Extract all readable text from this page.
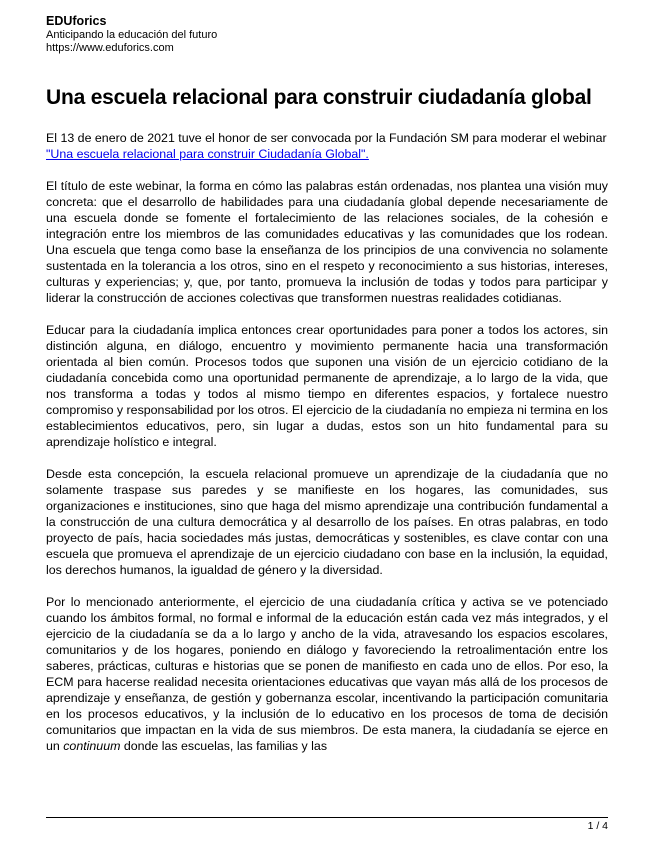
EDUforics
Anticipando la educación del futuro
https://www.eduforics.com
Una escuela relacional para construir ciudadanía global

El 13 de enero de 2021 tuve el honor de ser convocada por la Fundación SM para moderar el webinar "Una escuela relacional para construir Ciudadanía Global".

El título de este webinar, la forma en cómo las palabras están ordenadas, nos plantea una visión muy concreta: que el desarrollo de habilidades para una ciudadanía global depende necesariamente de una escuela donde se fomente el fortalecimiento de las relaciones sociales, de la cohesión e integración entre los miembros de las comunidades educativas y las comunidades que los rodean. Una escuela que tenga como base la enseñanza de los principios de una convivencia no solamente sustentada en la tolerancia a los otros, sino en el respeto y reconocimiento a sus historias, intereses, culturas y experiencias; y, que, por tanto, promueva la inclusión de todas y todos para participar y liderar la construcción de acciones colectivas que transformen nuestras realidades cotidianas.

Educar para la ciudadanía implica entonces crear oportunidades para poner a todos los actores, sin distinción alguna, en diálogo, encuentro y movimiento permanente hacia una transformación orientada al bien común. Procesos todos que suponen una visión de un ejercicio cotidiano de la ciudadanía concebida como una oportunidad permanente de aprendizaje, a lo largo de la vida, que nos transforma a todas y todos al mismo tiempo en diferentes espacios, y fortalece nuestro compromiso y responsabilidad por los otros. El ejercicio de la ciudadanía no empieza ni termina en los establecimientos educativos, pero, sin lugar a dudas, estos son un hito fundamental para su aprendizaje holístico e integral.

Desde esta concepción, la escuela relacional promueve un aprendizaje de la ciudadanía que no solamente traspase sus paredes y se manifieste en los hogares, las comunidades, sus organizaciones e instituciones, sino que haga del mismo aprendizaje una contribución fundamental a la construcción de una cultura democrática y al desarrollo de los países. En otras palabras, en todo proyecto de país, hacia sociedades más justas, democráticas y sostenibles, es clave contar con una escuela que promueva el aprendizaje de un ejercicio ciudadano con base en la inclusión, la equidad, los derechos humanos, la igualdad de género y la diversidad.

Por lo mencionado anteriormente, el ejercicio de una ciudadanía crítica y activa se ve potenciado cuando los ámbitos formal, no formal e informal de la educación están cada vez más integrados, y el ejercicio de la ciudadanía se da a lo largo y ancho de la vida, atravesando los espacios escolares, comunitarios y de los hogares, poniendo en diálogo y favoreciendo la retroalimentación entre los saberes, prácticas, culturas e historias que se ponen de manifiesto en cada uno de ellos. Por eso, la ECM para hacerse realidad necesita orientaciones educativas que vayan más allá de los procesos de aprendizaje y enseñanza, de gestión y gobernanza escolar, incentivando la participación comunitaria en los procesos educativos, y la inclusión de lo educativo en los procesos de toma de decisión comunitarios que impactan en la vida de sus miembros. De esta manera, la ciudadanía se ejerce en un continuum donde las escuelas, las familias y las

1 / 4
